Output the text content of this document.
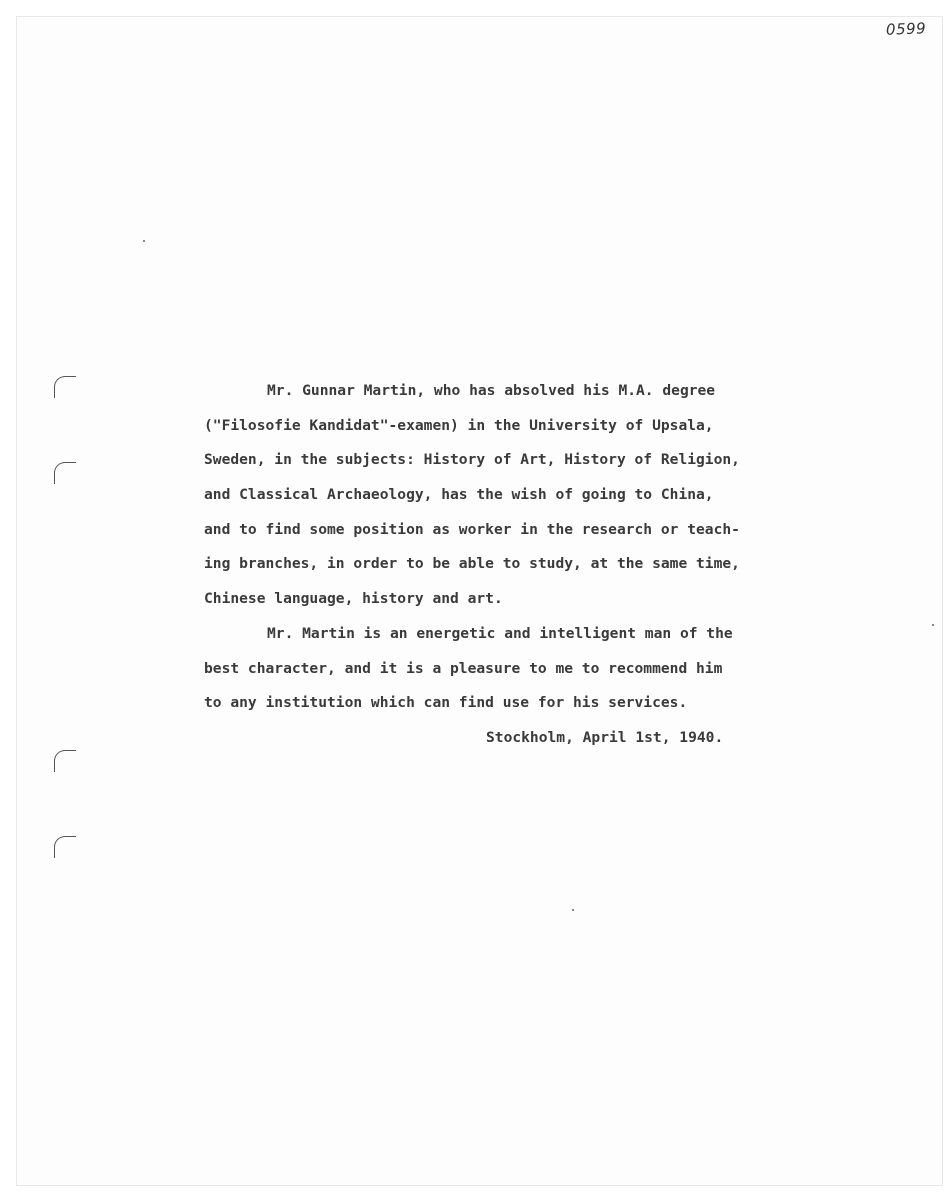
0599
Mr. Gunnar Martin, who has absolved his M.A. degree
("Filosofie Kandidat"-examen) in the University of Upsala,
Sweden, in the subjects: History of Art, History of Religion,
and Classical Archaeology, has the wish of going to China,
and to find some position as worker in the research or teach-
ing branches, in order to be able to study, at the same time,
Chinese language, history and art.
Mr. Martin is an energetic and intelligent man of the
best character, and it is a pleasure to me to recommend him
to any institution which can find use for his services.
Stockholm, April 1st, 1940.
